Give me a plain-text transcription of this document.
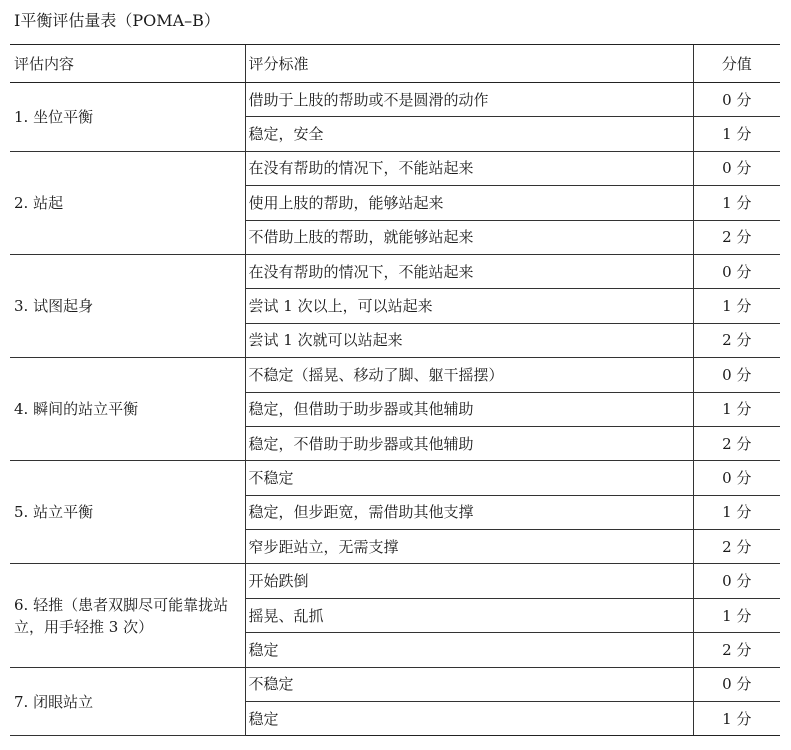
Ⅰ平衡评估量表（POMA–B）
评估内容	评分标准	分值
1. 坐位平衡	借助于上肢的帮助或不是圆滑的动作	0 分
	稳定，安全	1 分
2. 站起	在没有帮助的情况下，不能站起来	0 分
	使用上肢的帮助，能够站起来	1 分
	不借助上肢的帮助，就能够站起来	2 分
3. 试图起身	在没有帮助的情况下，不能站起来	0 分
	尝试 1 次以上，可以站起来	1 分
	尝试 1 次就可以站起来	2 分
4. 瞬间的站立平衡	不稳定（摇晃、移动了脚、躯干摇摆）	0 分
	稳定，但借助于助步器或其他辅助	1 分
	稳定，不借助于助步器或其他辅助	2 分
5. 站立平衡	不稳定	0 分
	稳定，但步距宽，需借助其他支撑	1 分
	窄步距站立，无需支撑	2 分
6. 轻推（患者双脚尽可能靠拢站立，用手轻推 3 次）	开始跌倒	0 分
	摇晃、乱抓	1 分
	稳定	2 分
7. 闭眼站立	不稳定	0 分
	稳定	1 分
